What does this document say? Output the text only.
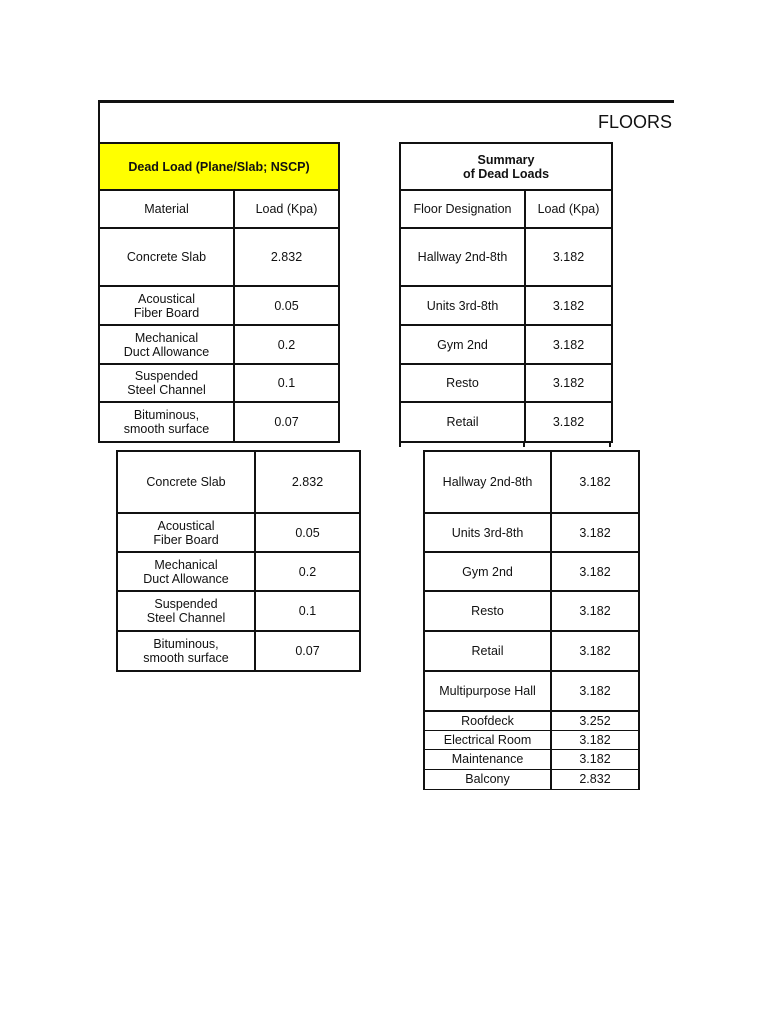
FLOORS
Dead Load (Plane/Slab; NSCP)	
Material	Load (Kpa)
Concrete Slab	2.832
Acoustical
Fiber Board	0.05
Mechanical
Duct Allowance	0.2
Suspended
Steel Channel	0.1
Bituminous,
smooth surface	0.07
Summary
of Dead Loads	
Floor Designation	Load (Kpa)
Hallway 2nd-8th	3.182
Units 3rd-8th	3.182
Gym 2nd	3.182
Resto	3.182
Retail	3.182
Concrete Slab	2.832
Acoustical
Fiber Board	0.05
Mechanical
Duct Allowance	0.2
Suspended
Steel Channel	0.1
Bituminous,
smooth surface	0.07
Hallway 2nd-8th	3.182
Units 3rd-8th	3.182
Gym 2nd	3.182
Resto	3.182
Retail	3.182
Multipurpose Hall	3.182
Roofdeck	3.252
Electrical Room	3.182
Maintenance	3.182
Balcony	2.832
